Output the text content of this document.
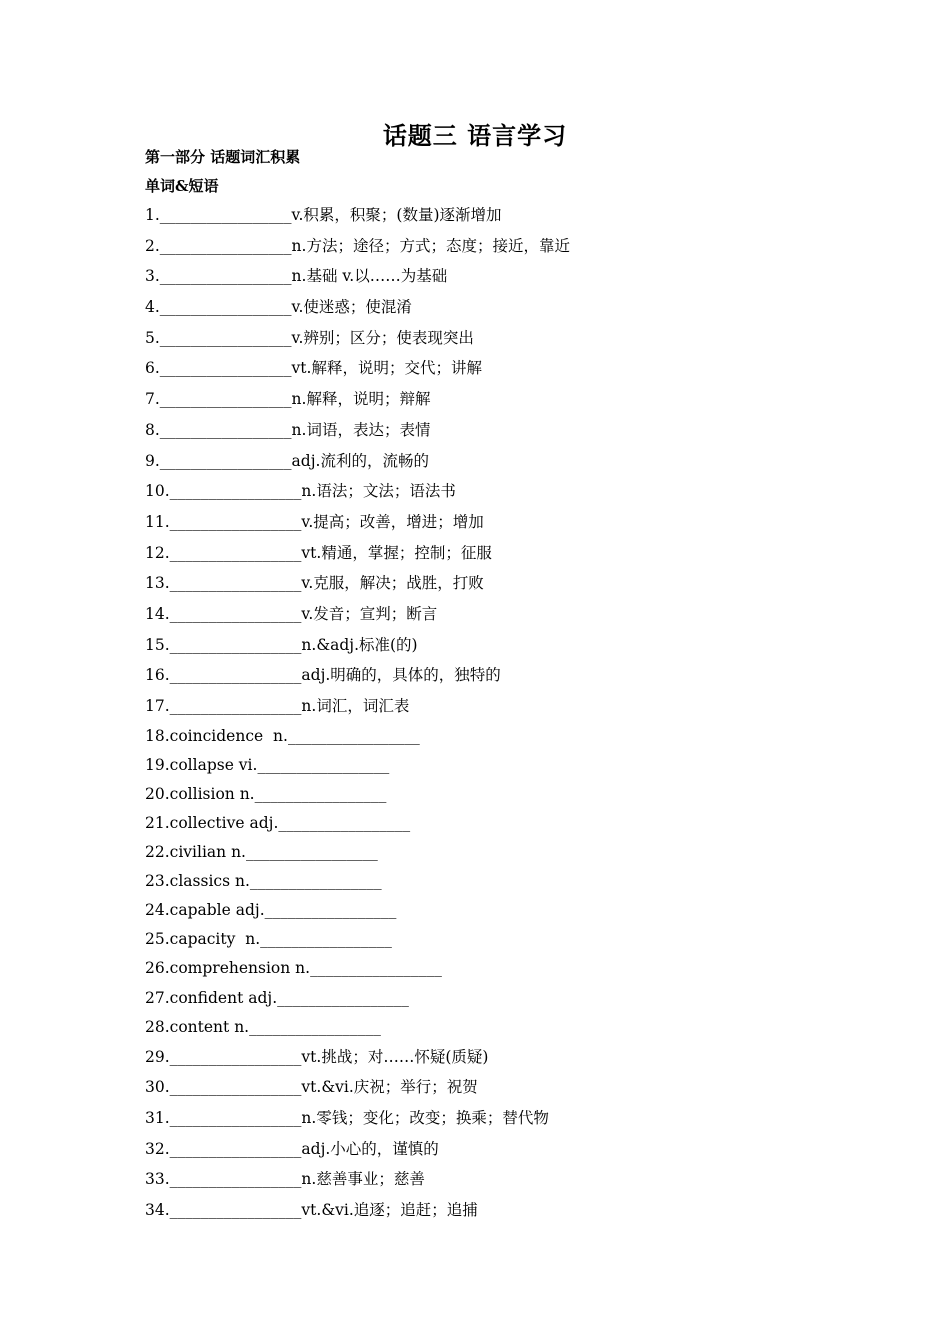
话题三 语言学习
第一部分 话题词汇积累
单词&短语
1._________________v.积累，积聚；(数量)逐渐增加
2._________________n.方法；途径；方式；态度；接近，靠近
3._________________n.基础 v.以……为基础
4._________________v.使迷惑；使混淆
5._________________v.辨别；区分；使表现突出
6._________________vt.解释，说明；交代；讲解
7._________________n.解释，说明；辩解
8._________________n.词语，表达；表情
9._________________adj.流利的，流畅的
10._________________n.语法；文法；语法书
11._________________v.提高；改善，增进；增加
12._________________vt.精通，掌握；控制；征服
13._________________v.克服，解决；战胜，打败
14._________________v.发音；宣判；断言
15._________________n.&adj.标准(的)
16._________________adj.明确的，具体的，独特的
17._________________n.词汇，词汇表
18.coincidence  n._________________
19.collapse vi._________________
20.collision n._________________
21.collective adj._________________
22.civilian n._________________
23.classics n._________________
24.capable adj._________________
25.capacity  n._________________
26.comprehension n._________________
27.confident adj._________________
28.content n._________________
29._________________vt.挑战；对……怀疑(质疑)
30._________________vt.&vi.庆祝；举行；祝贺
31._________________n.零钱；变化；改变；换乘；替代物
32._________________adj.小心的，谨慎的
33._________________n.慈善事业；慈善
34._________________vt.&vi.追逐；追赶；追捕
